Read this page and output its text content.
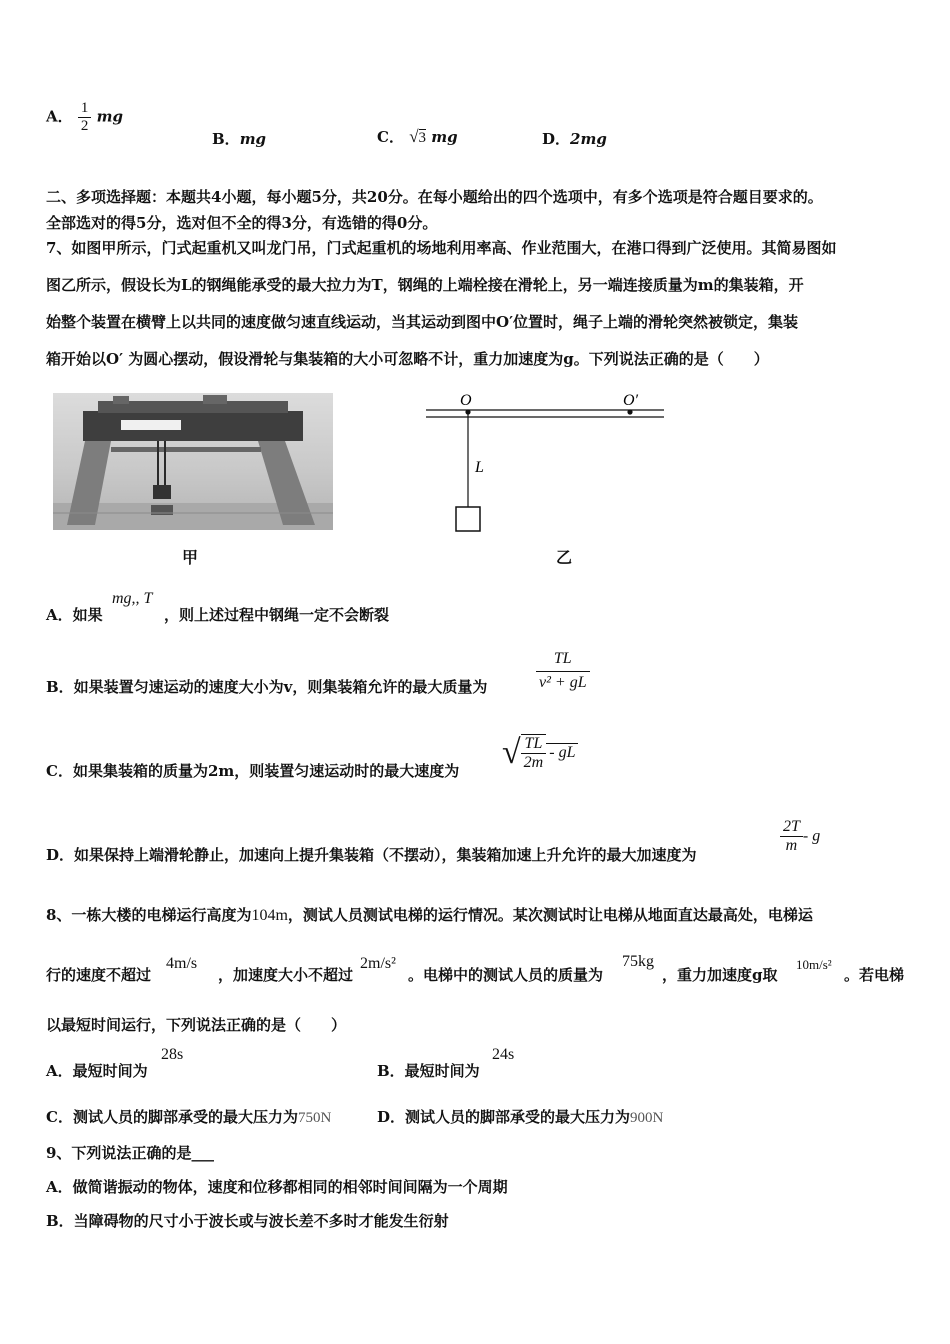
A． $\frac{1}{2}$ mg
B．mg	C． √3 mg	D．2mg
二、多项选择题：本题共4小题，每小题5分，共20分。在每小题给出的四个选项中，有多个选项是符合题目要求的。
全部选对的得5分，选对但不全的得3分，有选错的得0分。
7、如图甲所示，门式起重机又叫龙门吊，门式起重机的场地利用率高、作业范围大，在港口得到广泛使用。其简易图如
图乙所示，假设长为L的钢绳能承受的最大拉力为T，钢绳的上端栓接在滑轮上，另一端连接质量为m的集装箱，开
始整个装置在横臂上以共同的速度做匀速直线运动，当其运动到图中O′位置时，绳子上端的滑轮突然被锁定，集装
箱开始以O′ 为圆心摆动，假设滑轮与集装箱的大小可忽略不计，重力加速度为g。下列说法正确的是（　　）
甲
O	O′
L
乙
A．如果
mg,, T
，则上述过程中钢绳一定不会断裂
B．如果装置匀速运动的速度大小为v，则集装箱允许的最大质量为	$\frac{TL}{\text{v² + gL}}$
C．如果集装箱的质量为2m，则装置匀速运动时的最大速度为 √ $\frac{TL}{2m}$ - gL
D．如果保持上端滑轮静止，加速向上提升集装箱（不摆动），集装箱加速上升允许的最大加速度为	$\frac{2T}{m}$ - g
8、一栋大楼的电梯运行高度为104m，测试人员测试电梯的运行情况。某次测试时让电梯从地面直达最高处，电梯运
行的速度不超过
4m/s
，加速度大小不超过
2m/s²
。电梯中的测试人员的质量为
75kg
，重力加速度g取
10m/s²
。若电梯
以最短时间运行，下列说法正确的是（　　）
A．最短时间为
28s
B．最短时间为
24s
C．测试人员的脚部承受的最大压力为750N	D．测试人员的脚部承受的最大压力为900N
9、下列说法正确的是___
A．做简谐振动的物体，速度和位移都相同的相邻时间间隔为一个周期
B．当障碍物的尺寸小于波长或与波长差不多时才能发生衍射
